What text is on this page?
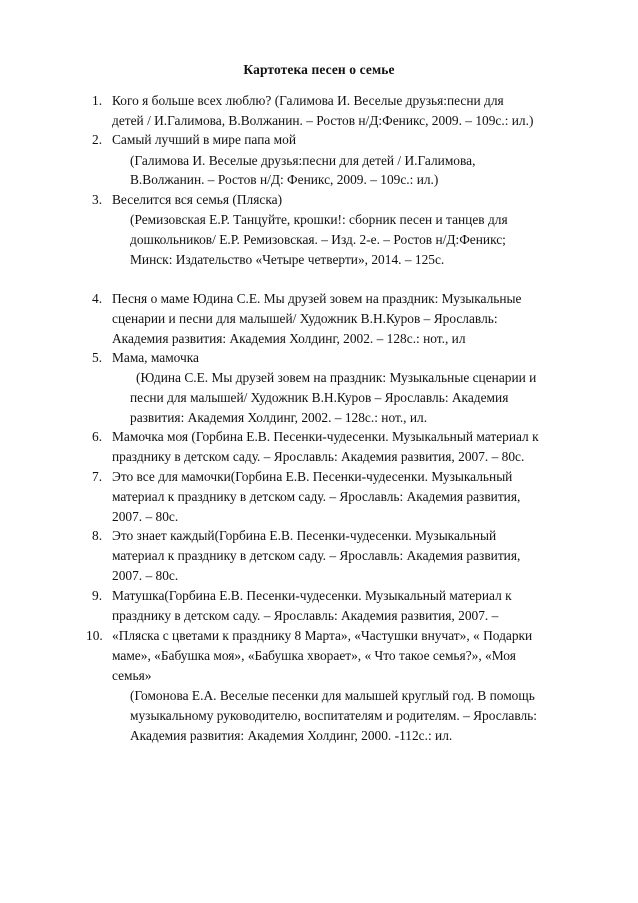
Картотека песен о семье
1. Кого я больше всех люблю? (Галимова И. Веселые друзья:песни для
детей / И.Галимова, В.Волжанин. – Ростов н/Д:Феникс, 2009. – 109с.: ил.)
2. Самый лучший в мире папа мой
(Галимова И. Веселые друзья:песни для детей / И.Галимова,
В.Волжанин. – Ростов н/Д: Феникс, 2009. – 109с.: ил.)
3. Веселится вся семья (Пляска)
(Ремизовская Е.Р. Танцуйте, крошки!: сборник песен и танцев для
дошкольников/ Е.Р. Ремизовская. – Изд. 2-е. – Ростов н/Д:Феникс;
Минск: Издательство «Четыре четверти», 2014. – 125с.
4. Песня о маме Юдина С.Е. Мы друзей зовем на праздник: Музыкальные
сценарии и песни для малышей/ Художник В.Н.Куров – Ярославль:
Академия развития: Академия Холдинг, 2002. – 128с.: нот., ил
5. Мама, мамочка
(Юдина С.Е. Мы друзей зовем на праздник: Музыкальные сценарии и
песни для малышей/ Художник В.Н.Куров – Ярославль: Академия
развития: Академия Холдинг, 2002. – 128с.: нот., ил.
6. Мамочка моя (Горбина Е.В. Песенки-чудесенки. Музыкальный материал к
празднику в детском саду. – Ярославль: Академия развития, 2007. – 80с.
7. Это все для мамочки(Горбина Е.В. Песенки-чудесенки. Музыкальный
материал к празднику в детском саду. – Ярославль: Академия развития,
2007. – 80с.
8. Это знает каждый(Горбина Е.В. Песенки-чудесенки. Музыкальный
материал к празднику в детском саду. – Ярославль: Академия развития,
2007. – 80с.
9. Матушка(Горбина Е.В. Песенки-чудесенки. Музыкальный материал к
празднику в детском саду. – Ярославль: Академия развития, 2007. –
10. «Пляска с цветами к празднику 8 Марта», «Частушки внучат», « Подарки
маме», «Бабушка моя», «Бабушка хворает», « Что такое семья?», «Моя
семья»
(Гомонова Е.А. Веселые песенки для малышей круглый год. В помощь
музыкальному руководителю, воспитателям и родителям. – Ярославль:
Академия развития: Академия Холдинг, 2000. -112с.: ил.
